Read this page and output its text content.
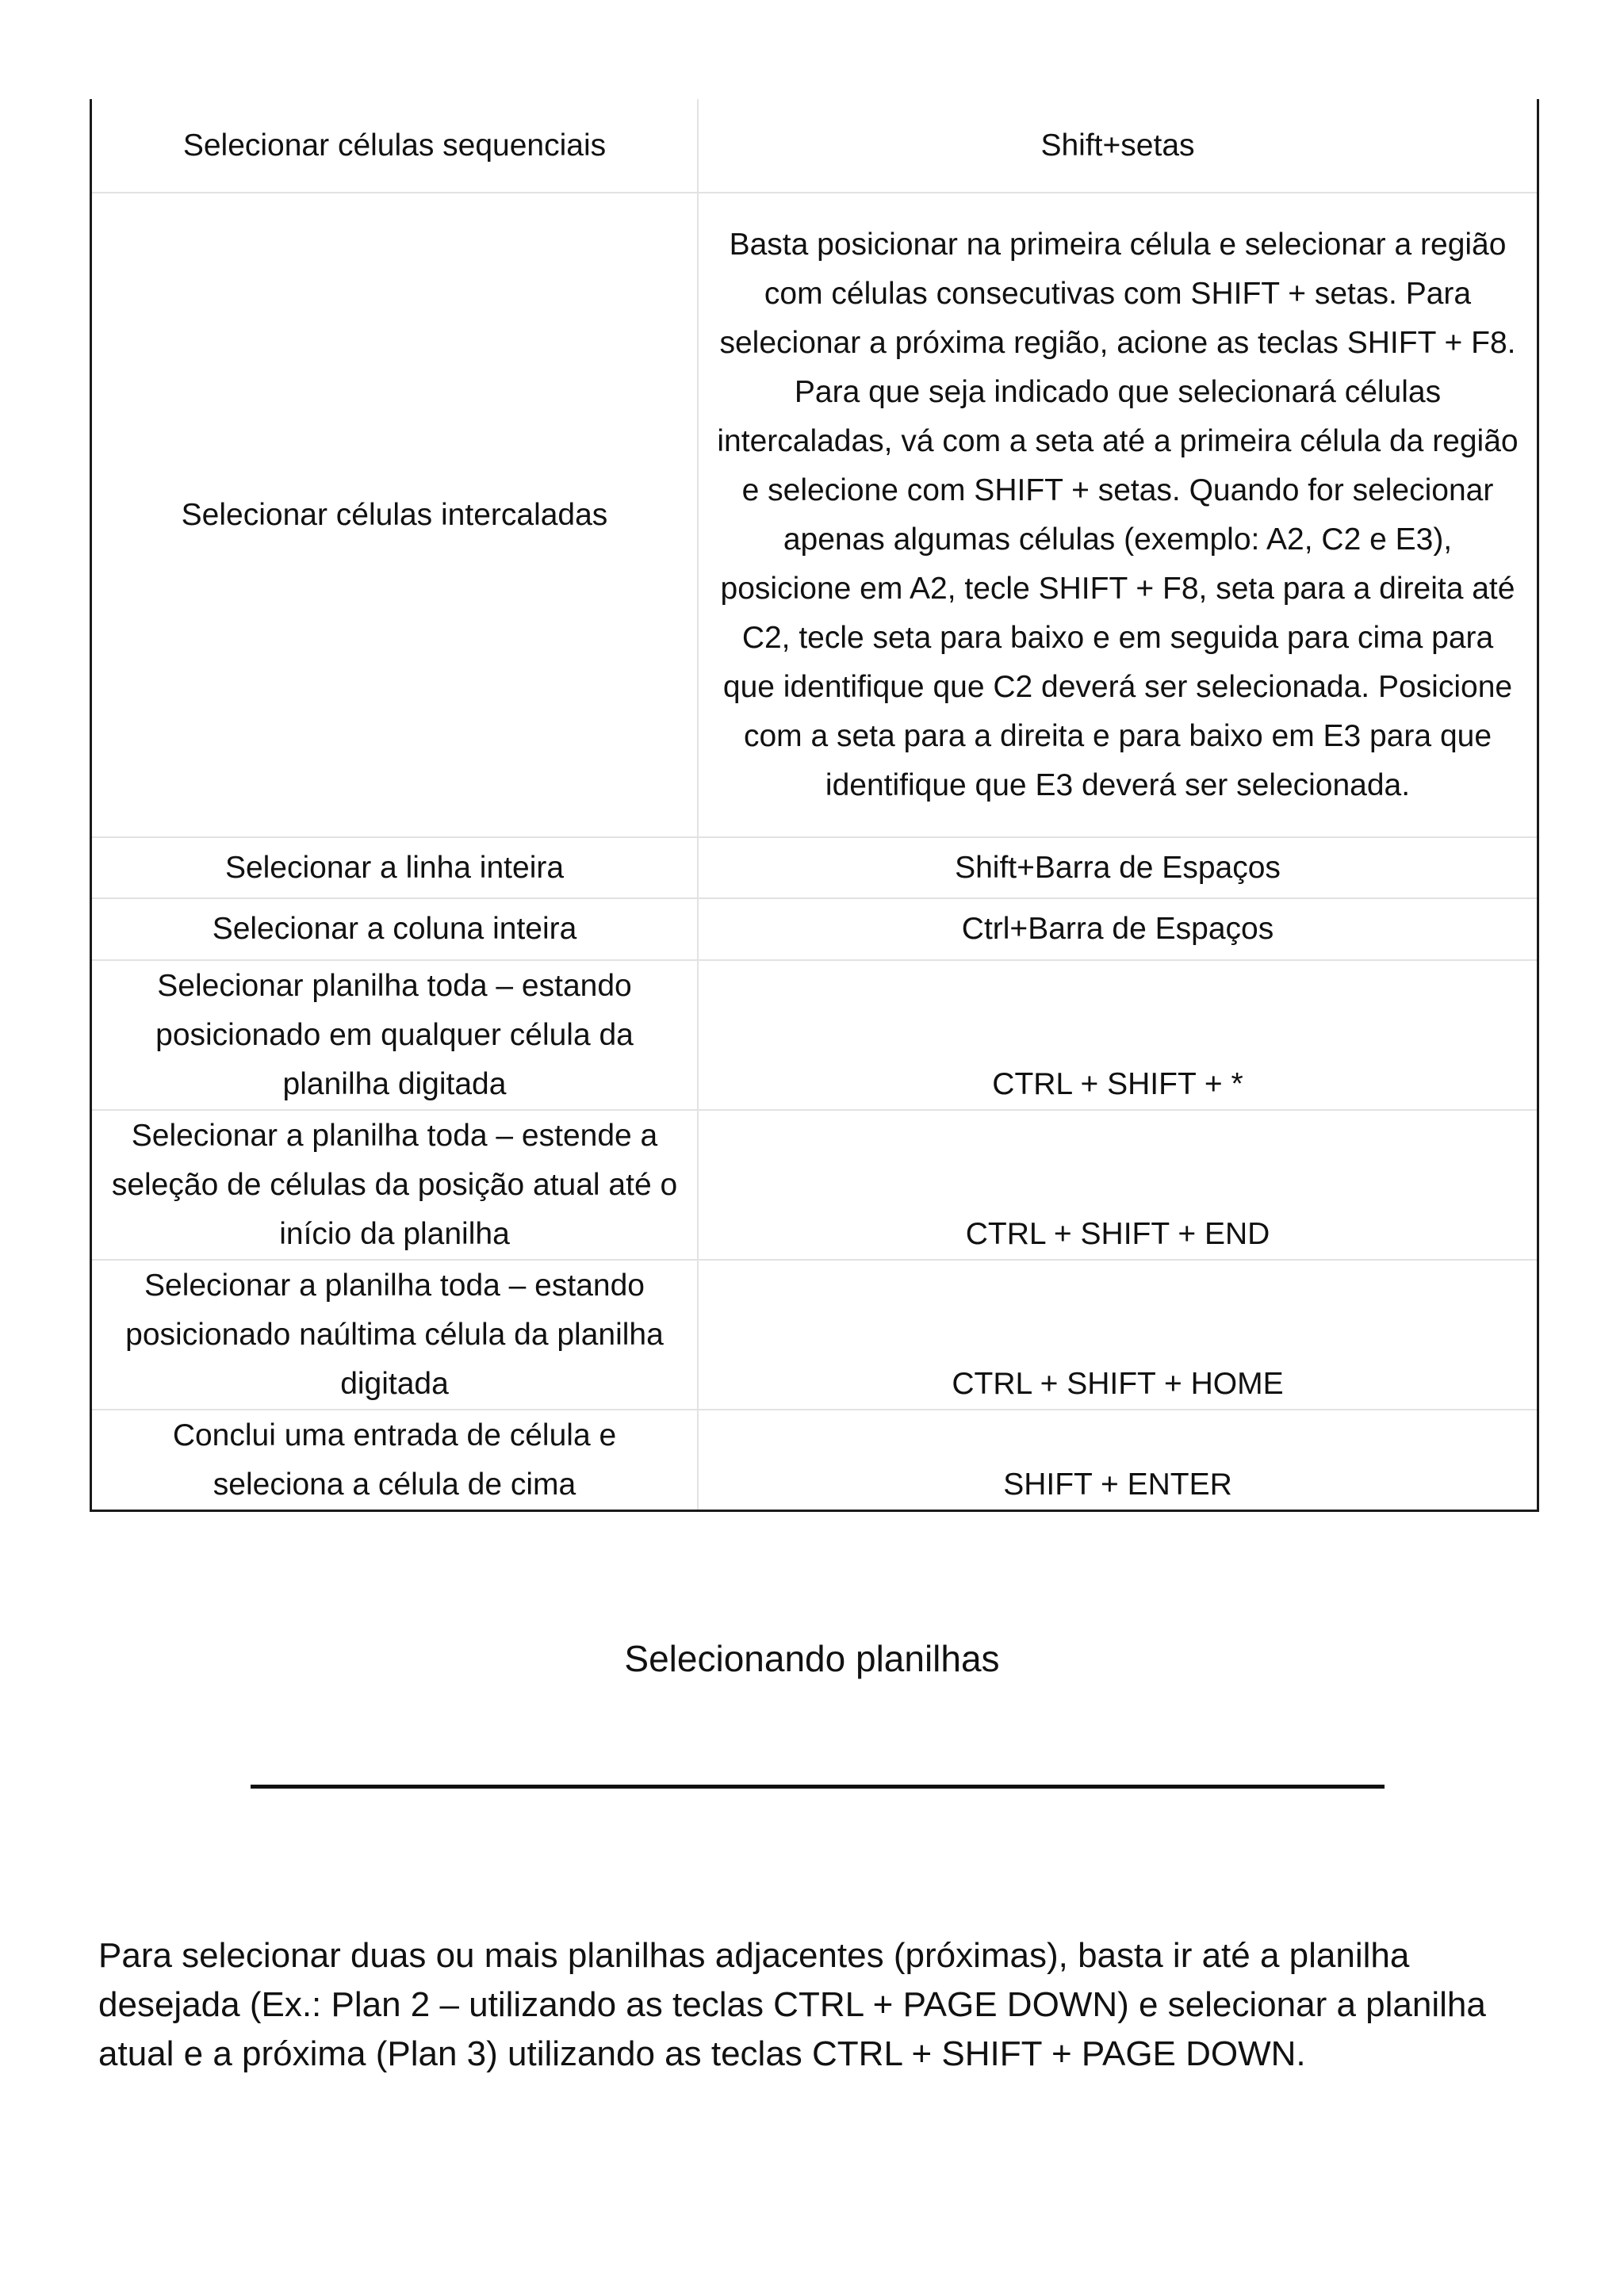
Selecionar células sequenciais	Shift+setas
Selecionar células intercaladas	Basta posicionar na primeira célula e selecionar a região com células consecutivas com SHIFT + setas. Para selecionar a próxima região, acione as teclas SHIFT + F8. Para que seja indicado que selecionará células intercaladas, vá com a seta até a primeira célula da região e selecione com SHIFT + setas. Quando for selecionar apenas algumas células (exemplo: A2, C2 e E3), posicione em A2, tecle SHIFT + F8, seta para a direita até C2, tecle seta para baixo e em seguida para cima para que identifique que C2 deverá ser selecionada. Posicione com a seta para a direita e para baixo em E3 para que identifique que E3 deverá ser selecionada.
Selecionar a linha inteira	Shift+Barra de Espaços
Selecionar a coluna inteira	Ctrl+Barra de Espaços
Selecionar planilha toda – estando posicionado em qualquer célula da planilha digitada	CTRL + SHIFT + *
Selecionar a planilha toda – estende a seleção de células da posição atual até o início da planilha	CTRL + SHIFT + END
Selecionar a planilha toda – estando posicionado naúltima célula da planilha digitada	CTRL + SHIFT + HOME
Conclui uma entrada de célula e seleciona a célula de cima	SHIFT + ENTER
Selecionando planilhas

Para selecionar duas ou mais planilhas adjacentes (próximas), basta ir até a planilha desejada (Ex.: Plan 2 – utilizando as teclas CTRL + PAGE DOWN) e selecionar a planilha atual e a próxima (Plan 3) utilizando as teclas CTRL + SHIFT + PAGE DOWN.
